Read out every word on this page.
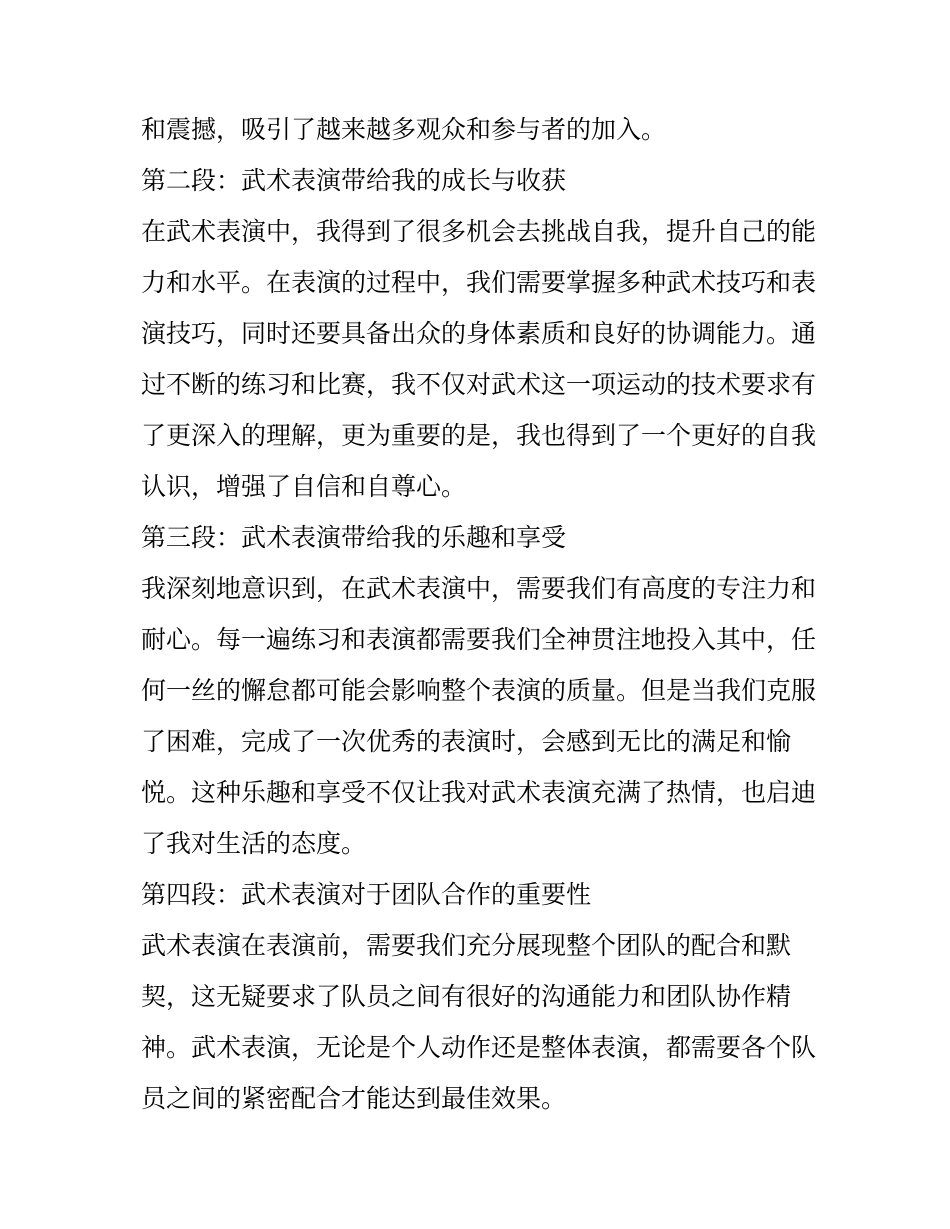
和震撼，吸引了越来越多观众和参与者的加入。
第二段：武术表演带给我的成长与收获
在武术表演中，我得到了很多机会去挑战自我，提升自己的能
力和水平。在表演的过程中，我们需要掌握多种武术技巧和表
演技巧，同时还要具备出众的身体素质和良好的协调能力。通
过不断的练习和比赛，我不仅对武术这一项运动的技术要求有
了更深入的理解，更为重要的是，我也得到了一个更好的自我
认识，增强了自信和自尊心。
第三段：武术表演带给我的乐趣和享受
我深刻地意识到，在武术表演中，需要我们有高度的专注力和
耐心。每一遍练习和表演都需要我们全神贯注地投入其中，任
何一丝的懈怠都可能会影响整个表演的质量。但是当我们克服
了困难，完成了一次优秀的表演时，会感到无比的满足和愉
悦。这种乐趣和享受不仅让我对武术表演充满了热情，也启迪
了我对生活的态度。
第四段：武术表演对于团队合作的重要性
武术表演在表演前，需要我们充分展现整个团队的配合和默
契，这无疑要求了队员之间有很好的沟通能力和团队协作精
神。武术表演，无论是个人动作还是整体表演，都需要各个队
员之间的紧密配合才能达到最佳效果。
